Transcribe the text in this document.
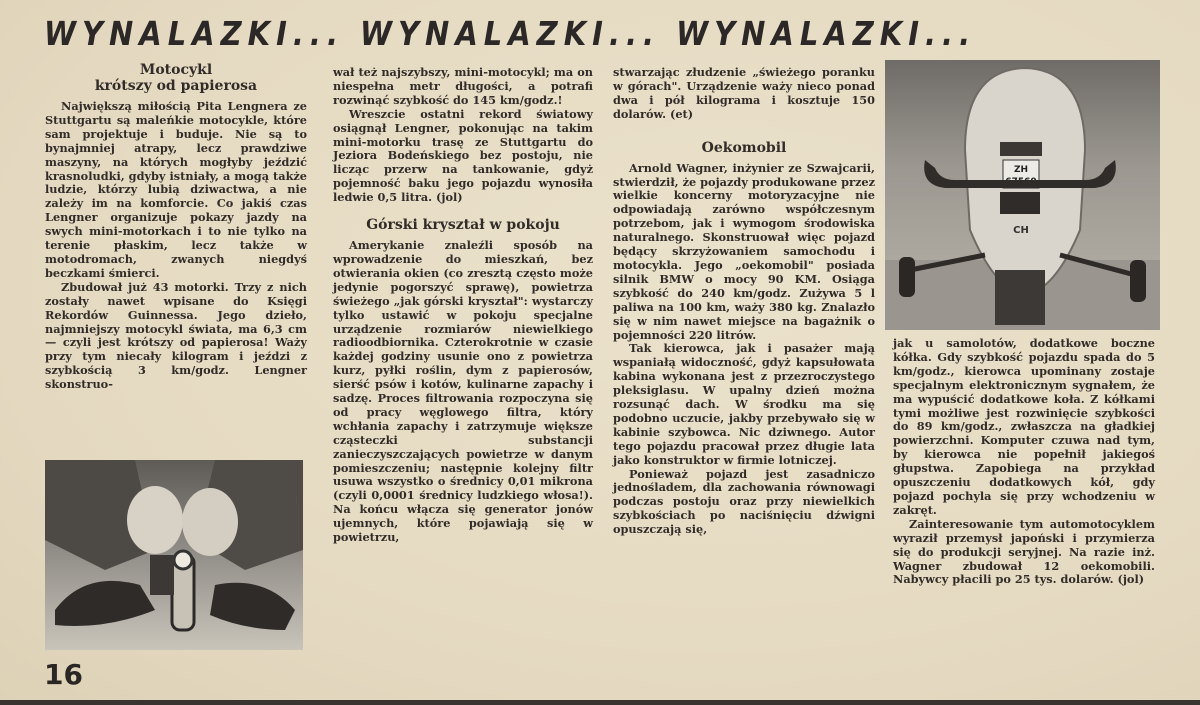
WYNALAZKI... WYNALAZKI... WYNALAZKI...
Motocykl
krótszy od papierosa

Największą miłością Pita Lengnera ze Stuttgartu są maleńkie motocykle, które sam projektuje i buduje. Nie są to bynajmniej atrapy, lecz prawdziwe maszyny, na których mogłyby jeździć krasnoludki, gdyby istniały, a mogą także ludzie, którzy lubią dziwactwa, a nie zależy im na komforcie. Co jakiś czas Lengner organizuje pokazy jazdy na swych mini-motorkach i to nie tylko na terenie płaskim, lecz także w motodromach, zwanych niegdyś beczkami śmierci.

Zbudował już 43 motorki. Trzy z nich zostały nawet wpisane do Księgi Rekordów Guinnessa. Jego dzieło, najmniejszy motocykl świata, ma 6,3 cm — czyli jest krótszy od papierosa! Waży przy tym niecały kilogram i jeździ z szybkością 3 km/godz. Lengner skonstruo-

wał też najszybszy, mini-motocykl; ma on niespełna metr długości, a potrafi rozwinąć szybkość do 145 km/godz.!

Wreszcie ostatni rekord światowy osiągnął Lengner, pokonując na takim mini-motorku trasę ze Stuttgartu do Jeziora Bodeńskiego bez postoju, nie licząc przerw na tankowanie, gdyż pojemność baku jego pojazdu wynosiła ledwie 0,5 litra. (jol)

Górski kryształ w pokoju

Amerykanie znaleźli sposób na wprowadzenie do mieszkań, bez otwierania okien (co zresztą często może jedynie pogorszyć sprawę), powietrza świeżego „jak górski kryształ": wystarczy tylko ustawić w pokoju specjalne urządzenie rozmiarów niewielkiego radioodbiornika. Czterokrotnie w czasie każdej godziny usunie ono z powietrza kurz, pyłki roślin, dym z papierosów, sierść psów i kotów, kulinarne zapachy i sadzę. Proces filtrowania rozpoczyna się od pracy węglowego filtra, który wchłania zapachy i zatrzymuje większe cząsteczki substancji zanieczyszczających powietrze w danym pomieszczeniu; następnie kolejny filtr usuwa wszystko o średnicy 0,01 mikrona (czyli 0,0001 średnicy ludzkiego włosa!). Na końcu włącza się generator jonów ujemnych, które pojawiają się w powietrzu,

stwarzając złudzenie „świeżego poranku w górach". Urządzenie waży nieco ponad dwa i pół kilograma i kosztuje 150 dolarów. (et)

Oekomobil

Arnold Wagner, inżynier ze Szwajcarii, stwierdził, że pojazdy produkowane przez wielkie koncerny motoryzacyjne nie odpowiadają zarówno współczesnym potrzebom, jak i wymogom środowiska naturalnego. Skonstruował więc pojazd będący skrzyżowaniem samochodu i motocykla. Jego „oekomobil" posiada silnik BMW o mocy 90 KM. Osiąga szybkość do 240 km/godz. Zużywa 5 l paliwa na 100 km, waży 380 kg. Znalazło się w nim nawet miejsce na bagażnik o pojemności 220 litrów.

Tak kierowca, jak i pasażer mają wspaniałą widoczność, gdyż kapsułowata kabina wykonana jest z przezroczystego pleksiglasu. W upalny dzień można rozsunąć dach. W środku ma się podobno uczucie, jakby przebywało się w kabinie szybowca. Nic dziwnego. Autor tego pojazdu pracował przez długie lata jako konstruktor w firmie lotniczej.

Ponieważ pojazd jest zasadniczo jednośladem, dla zachowania równowagi podczas postoju oraz przy niewielkich szybkościach po naciśnięciu dźwigni opuszczają się,

ZH
CH

jak u samolotów, dodatkowe boczne kółka. Gdy szybkość pojazdu spada do 5 km/godz., kierowca upominany zostaje specjalnym elektronicznym sygnałem, że ma wypuścić dodatkowe koła. Z kółkami tymi możliwe jest rozwinięcie szybkości do 89 km/godz., zwłaszcza na gładkiej powierzchni. Komputer czuwa nad tym, by kierowca nie popełnił jakiegoś głupstwa. Zapobiega na przykład opuszczeniu dodatkowych kół, gdy pojazd pochyla się przy wchodzeniu w zakręt.

Zainteresowanie tym automotocyklem wyraził przemysł japoński i przymierza się do produkcji seryjnej. Na razie inż. Wagner zbudował 12 oekomobili. Nabywcy płacili po 25 tys. dolarów. (jol)

16
